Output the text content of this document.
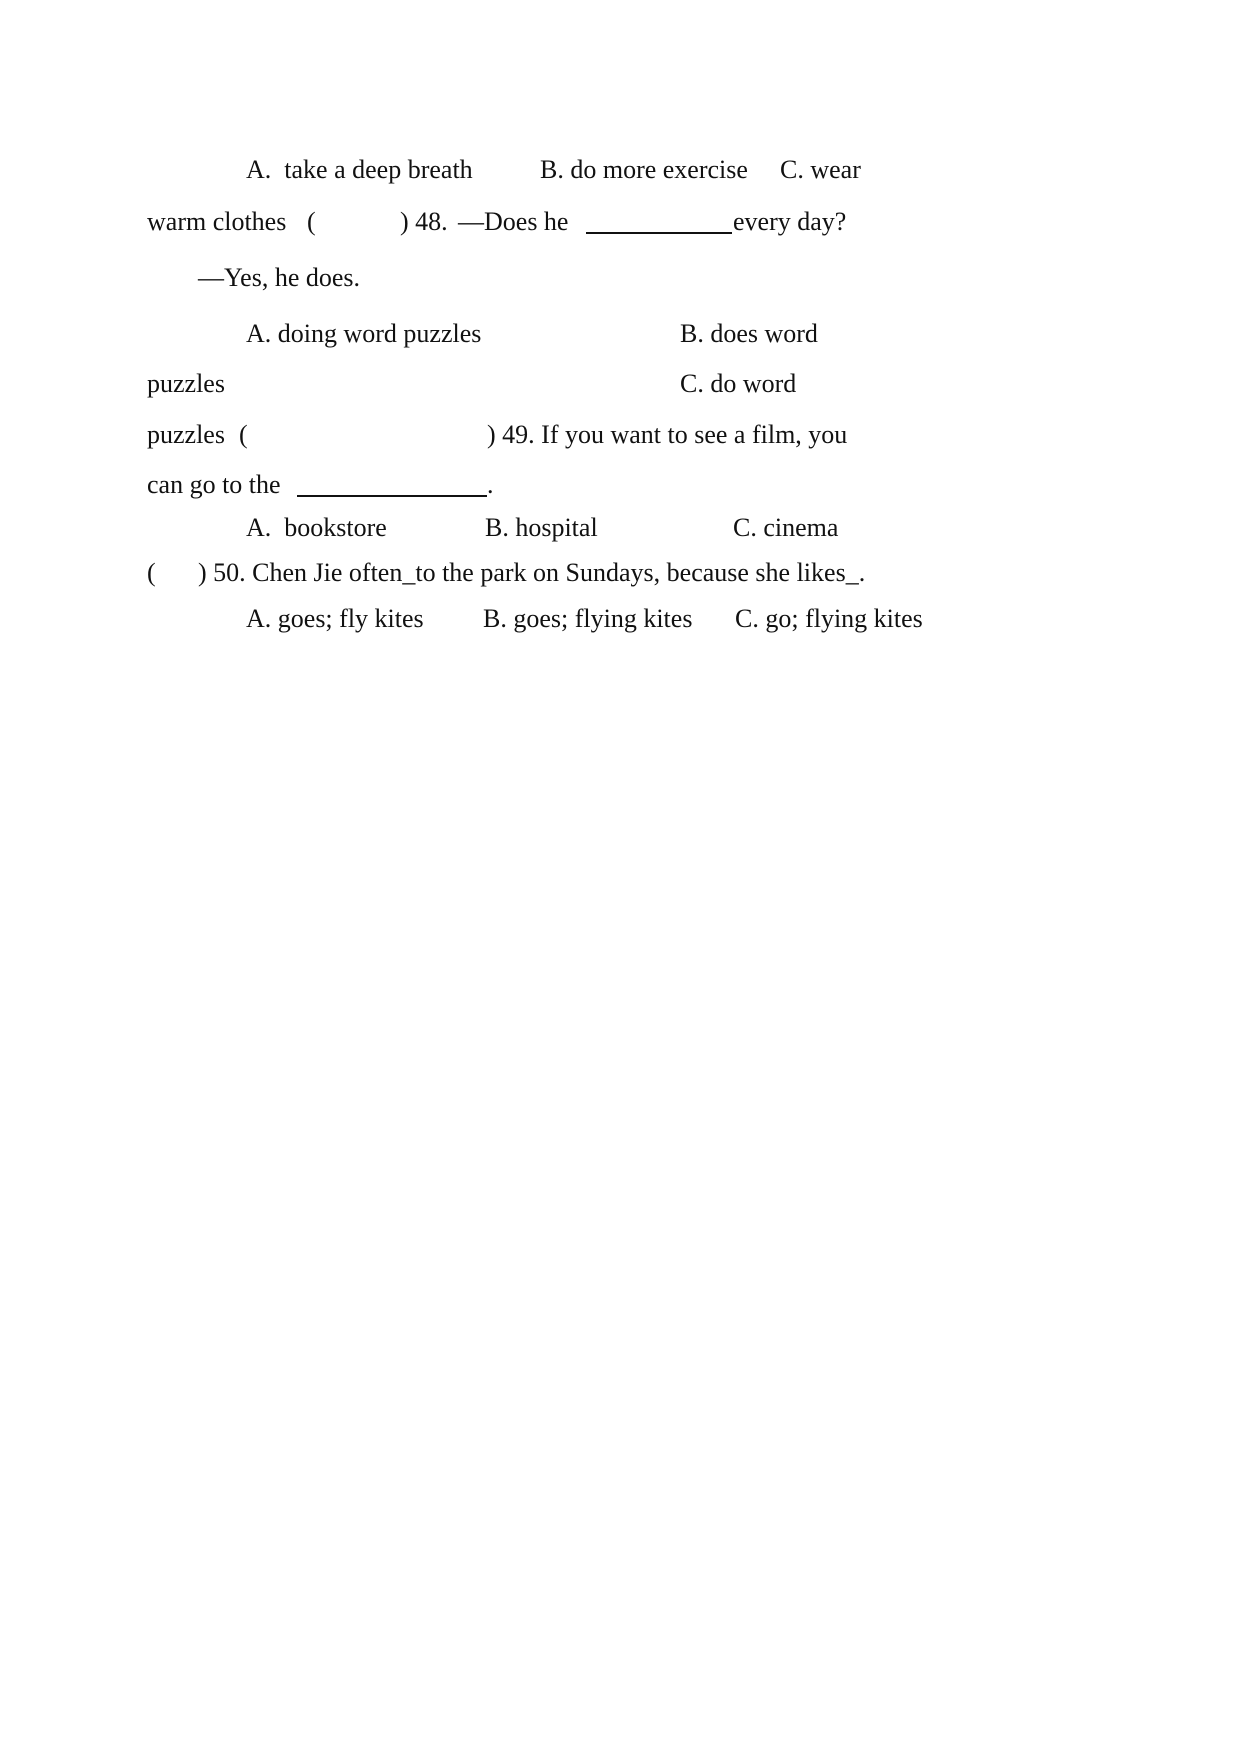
A.  take a deep breath	B. do more exercise C. wear
warm clothes (	) 48. —Does he	every day?
—Yes, he does.
A. doing word puzzles	B. does word
puzzles	C. do word
puzzles (	) 49. If you want to see a film, you
can go to the	.
A.  bookstore	B. hospital	C. cinema
( ) 50. Chen Jie often_to the park on Sundays, because she likes_.
A. goes; fly kites B. goes; flying kites C. go; flying kites
